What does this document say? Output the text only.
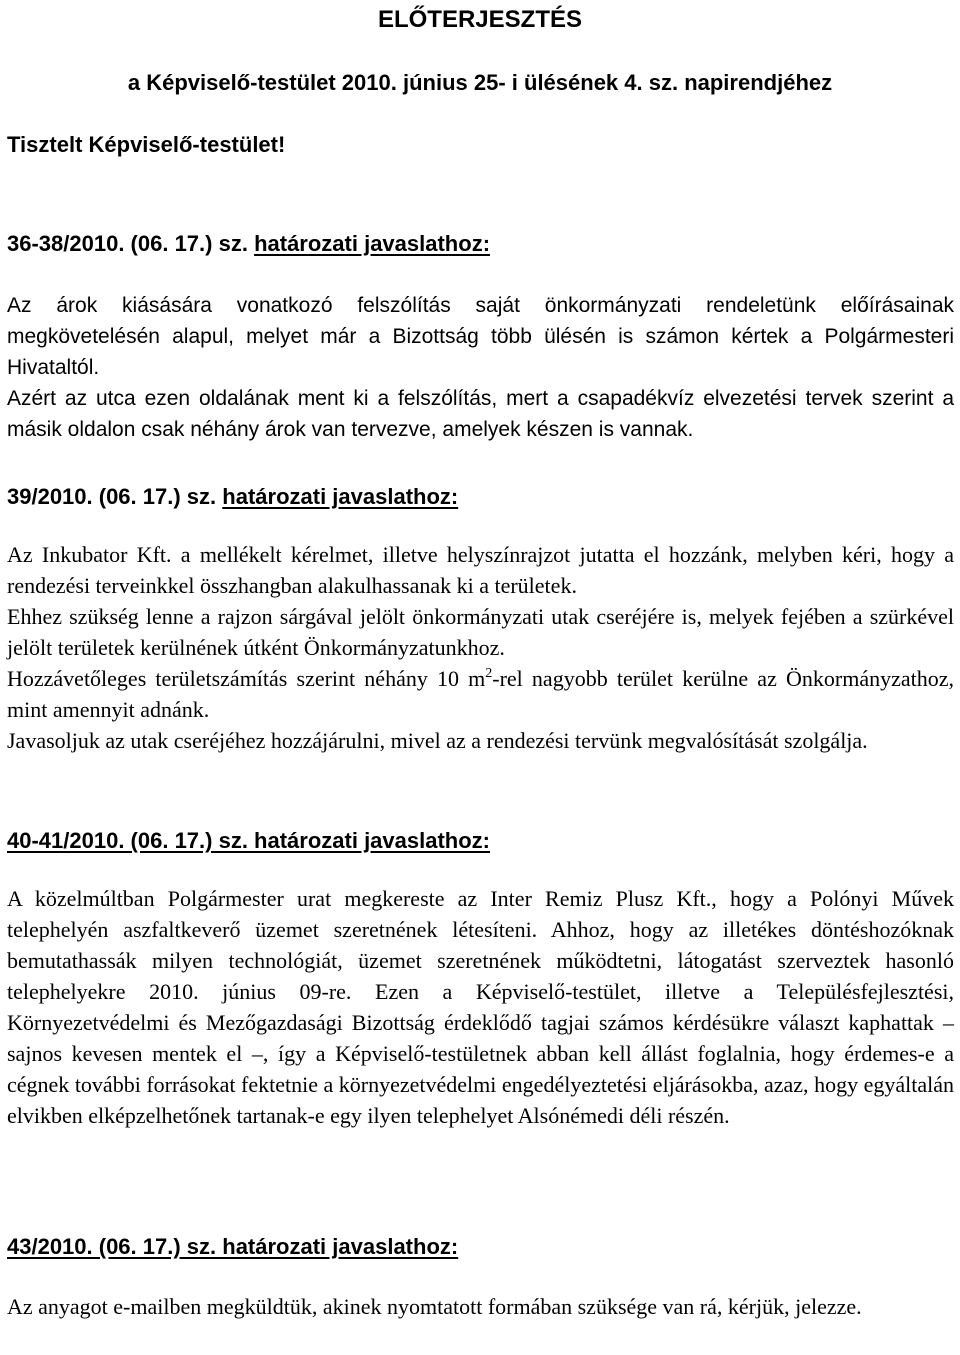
ELŐTERJESZTÉS

a Képviselő-testület 2010. június 25- i ülésének 4. sz. napirendjéhez

Tisztelt Képviselő-testület!

36-38/2010. (06. 17.) sz. határozati javaslathoz:

Az árok kiásására vonatkozó felszólítás saját önkormányzati rendeletünk előírásainak megkövetelésén alapul, melyet már a Bizottság több ülésén is számon kértek a Polgármesteri Hivataltól.

Azért az utca ezen oldalának ment ki a felszólítás, mert a csapadékvíz elvezetési tervek szerint a másik oldalon csak néhány árok van tervezve, amelyek készen is vannak.

39/2010. (06. 17.) sz. határozati javaslathoz:

Az Inkubator Kft. a mellékelt kérelmet, illetve helyszínrajzot jutatta el hozzánk, melyben kéri, hogy a rendezési terveinkkel összhangban alakulhassanak ki a területek.

Ehhez szükség lenne a rajzon sárgával jelölt önkormányzati utak cseréjére is, melyek fejében a szürkével jelölt területek kerülnének útként Önkormányzatunkhoz.

Hozzávetőleges területszámítás szerint néhány 10 $m^2$-rel nagyobb terület kerülne az Önkormányzathoz, mint amennyit adnánk.

Javasoljuk az utak cseréjéhez hozzájárulni, mivel az a rendezési tervünk megvalósítását szolgálja.

40-41/2010. (06. 17.) sz. határozati javaslathoz:

A közelmúltban Polgármester urat megkereste az Inter Remiz Plusz Kft., hogy a Polónyi Művek telephelyén aszfaltkeverő üzemet szeretnének létesíteni. Ahhoz, hogy az illetékes döntéshozóknak bemutathassák milyen technológiát, üzemet szeretnének működtetni, látogatást szerveztek hasonló telephelyekre 2010. június 09-re. Ezen a Képviselő-testület, illetve a Településfejlesztési, Környezetvédelmi és Mezőgazdasági Bizottság érdeklődő tagjai számos kérdésükre választ kaphattak – sajnos kevesen mentek el –, így a Képviselő-testületnek abban kell állást foglalnia, hogy érdemes-e a cégnek további forrásokat fektetnie a környezetvédelmi engedélyeztetési eljárásokba, azaz, hogy egyáltalán elvikben elképzelhetőnek tartanak-e egy ilyen telephelyet Alsónémedi déli részén.

43/2010. (06. 17.) sz. határozati javaslathoz:

Az anyagot e-mailben megküldtük, akinek nyomtatott formában szüksége van rá, kérjük, jelezze.
